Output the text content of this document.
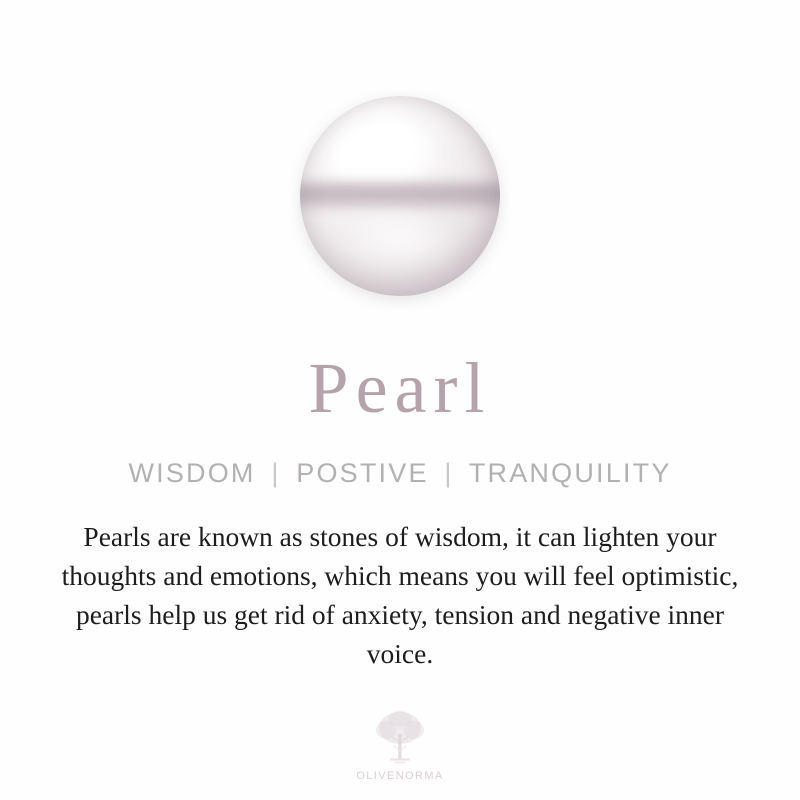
Pearl
WISDOM | POSTIVE | TRANQUILITY
Pearls are known as stones of wisdom, it can lighten your thoughts and emotions, which means you will feel optimistic, pearls help us get rid of anxiety, tension and negative inner voice.
OLIVENORMA
